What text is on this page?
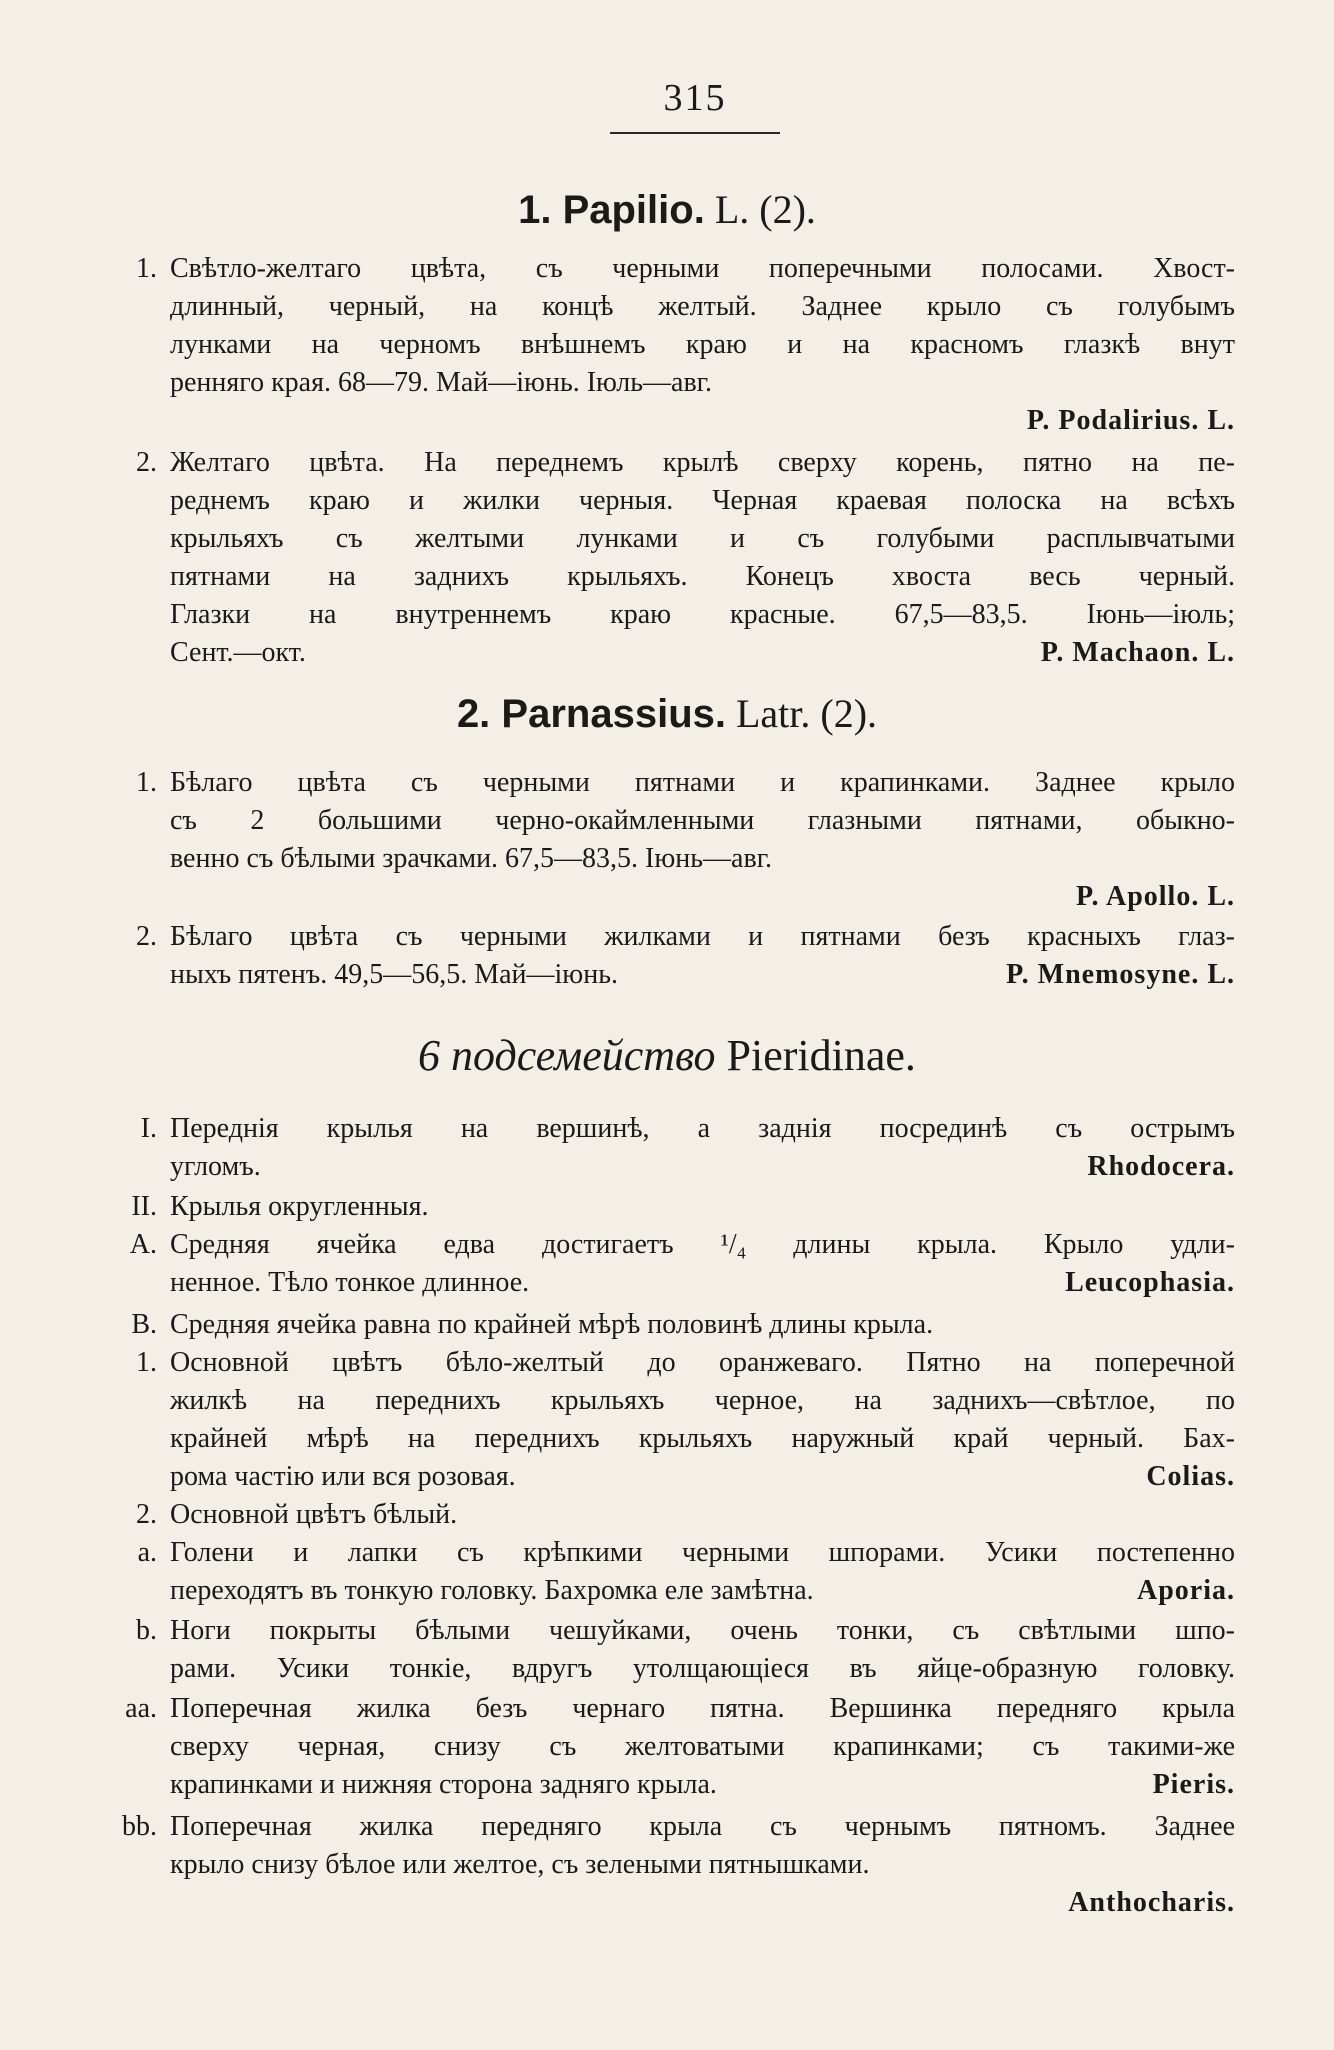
315
1. Papilio. L. (2).
1. Свѣтло-желтаго цвѣта, съ черными поперечными полосами. Хвост-
длинный, черный, на концѣ желтый. Заднее крыло съ голубымъ
лунками на черномъ внѣшнемъ краю и на красномъ глазкѣ внут
ренняго края. 68—79. Май—іюнь. Іюль—авг.
P. Podalirius. L.
2. Желтаго цвѣта. На переднемъ крылѣ сверху корень, пятно на пе-
реднемъ краю и жилки черныя. Черная краевая полоска на всѣхъ
крыльяхъ съ желтыми лунками и съ голубыми расплывчатыми
пятнами на заднихъ крыльяхъ. Конецъ хвоста весь черный.
Глазки на внутреннемъ краю красные. 67,5—83,5. Іюнь—іюль;
Сент.—окт.	P. Machaon. L.
2. Parnassius. Latr. (2).
1. Бѣлаго цвѣта съ черными пятнами и крапинками. Заднее крыло
съ 2 большими черно-окаймленными глазными пятнами, обыкно-
венно съ бѣлыми зрачками. 67,5—83,5. Іюнь—авг.
P. Apollo. L.
2. Бѣлаго цвѣта съ черными жилками и пятнами безъ красныхъ глаз-
ныхъ пятенъ. 49,5—56,5. Май—іюнь.	P. Mnemosyne. L.
6 подсемейство Pieridinae.
I. Переднія крылья на вершинѣ, а заднія посрединѣ съ острымъ
угломъ.	Rhodocera.
II. Крылья округленныя.
A. Средняя ячейка едва достигаетъ ¹/₄ длины крыла. Крыло удли-
ненное. Тѣло тонкое длинное.	Leucophasia.
B. Средняя ячейка равна по крайней мѣрѣ половинѣ длины крыла.
1. Основной цвѣтъ бѣло-желтый до оранжеваго. Пятно на поперечной
жилкѣ на переднихъ крыльяхъ черное, на заднихъ—свѣтлое, по
крайней мѣрѣ на переднихъ крыльяхъ наружный край черный. Бах-
рома частію или вся розовая.	Colias.
2. Основной цвѣтъ бѣлый.
a. Голени и лапки съ крѣпкими черными шпорами. Усики постепенно
переходятъ въ тонкую головку. Бахромка еле замѣтна.	Aporia.
b. Ноги покрыты бѣлыми чешуйками, очень тонки, съ свѣтлыми шпо-
рами. Усики тонкіе, вдругъ утолщающіеся въ яйце-образную головку.
aa. Поперечная жилка безъ чернаго пятна. Вершинка передняго крыла
сверху черная, снизу съ желтоватыми крапинками; съ такими-же
крапинками и нижняя сторона задняго крыла.	Pieris.
bb. Поперечная жилка передняго крыла съ чернымъ пятномъ. Заднее
крыло снизу бѣлое или желтое, съ зелеными пятнышками.
Anthocharis.
